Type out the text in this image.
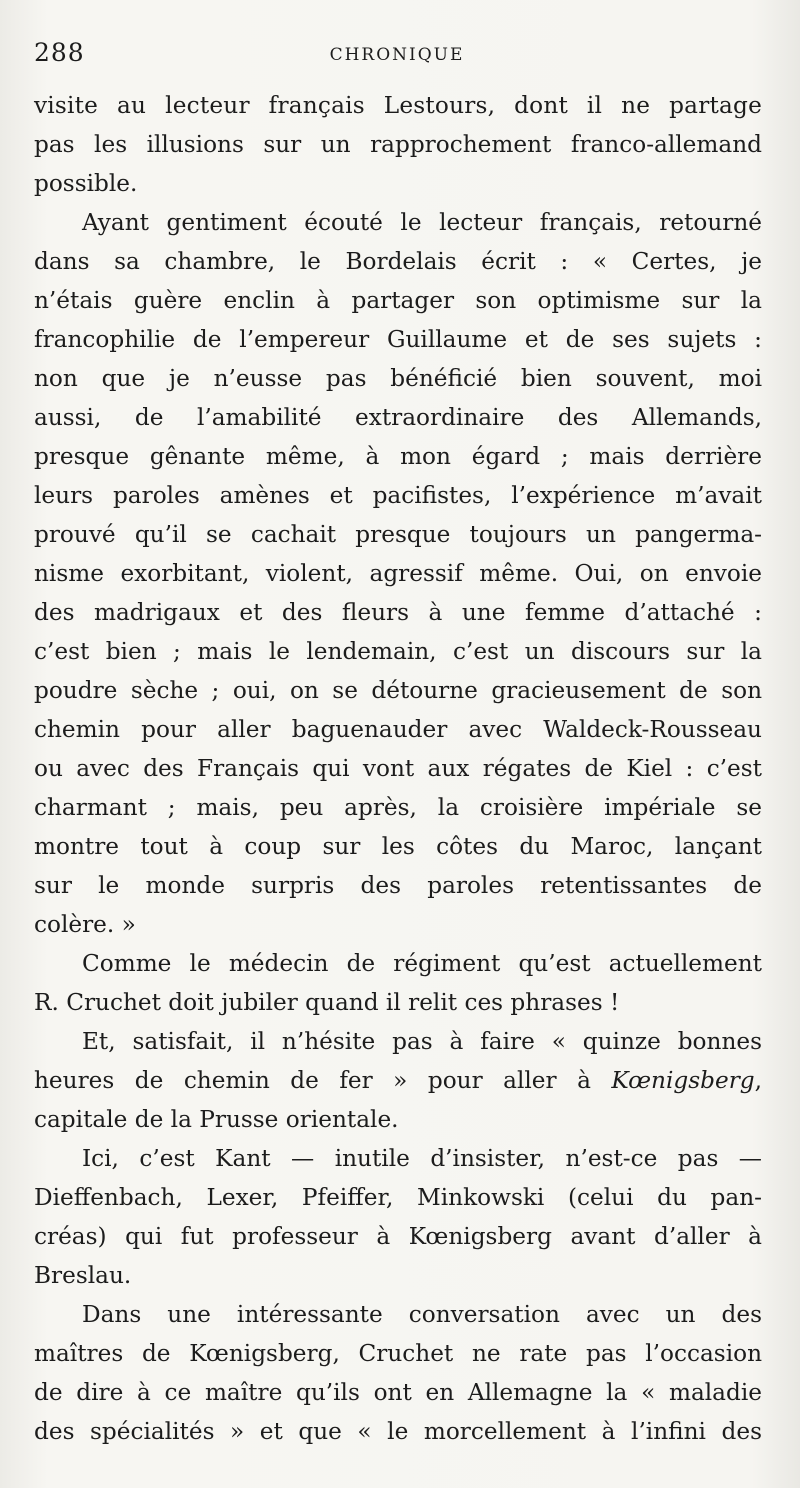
288	CHRONIQUE
visite au lecteur français Lestours, dont il ne partage
pas les illusions sur un rapprochement franco-allemand
possible.
Ayant gentiment écouté le lecteur français, retourné
dans sa chambre, le Bordelais écrit : « Certes, je
n’étais guère enclin à partager son optimisme sur la
francophilie de l’empereur Guillaume et de ses sujets :
non que je n’eusse pas bénéficié bien souvent, moi
aussi, de l’amabilité extraordinaire des Allemands,
presque gênante même, à mon égard ; mais derrière
leurs paroles amènes et pacifistes, l’expérience m’avait
prouvé qu’il se cachait presque toujours un pangerma-
nisme exorbitant, violent, agressif même. Oui, on envoie
des madrigaux et des fleurs à une femme d’attaché :
c’est bien ; mais le lendemain, c’est un discours sur la
poudre sèche ; oui, on se détourne gracieusement de son
chemin pour aller baguenauder avec Waldeck-Rousseau
ou avec des Français qui vont aux régates de Kiel : c’est
charmant ; mais, peu après, la croisière impériale se
montre tout à coup sur les côtes du Maroc, lançant
sur le monde surpris des paroles retentissantes de
colère. »
Comme le médecin de régiment qu’est actuellement
R. Cruchet doit jubiler quand il relit ces phrases !
Et, satisfait, il n’hésite pas à faire « quinze bonnes
heures de chemin de fer » pour aller à Kœnigsberg,
capitale de la Prusse orientale.
Ici, c’est Kant — inutile d’insister, n’est-ce pas —
Dieffenbach, Lexer, Pfeiffer, Minkowski (celui du pan-
créas) qui fut professeur à Kœnigsberg avant d’aller à
Breslau.
Dans une intéressante conversation avec un des
maîtres de Kœnigsberg, Cruchet ne rate pas l’occasion
de dire à ce maître qu’ils ont en Allemagne la « maladie
des spécialités » et que « le morcellement à l’infini des
